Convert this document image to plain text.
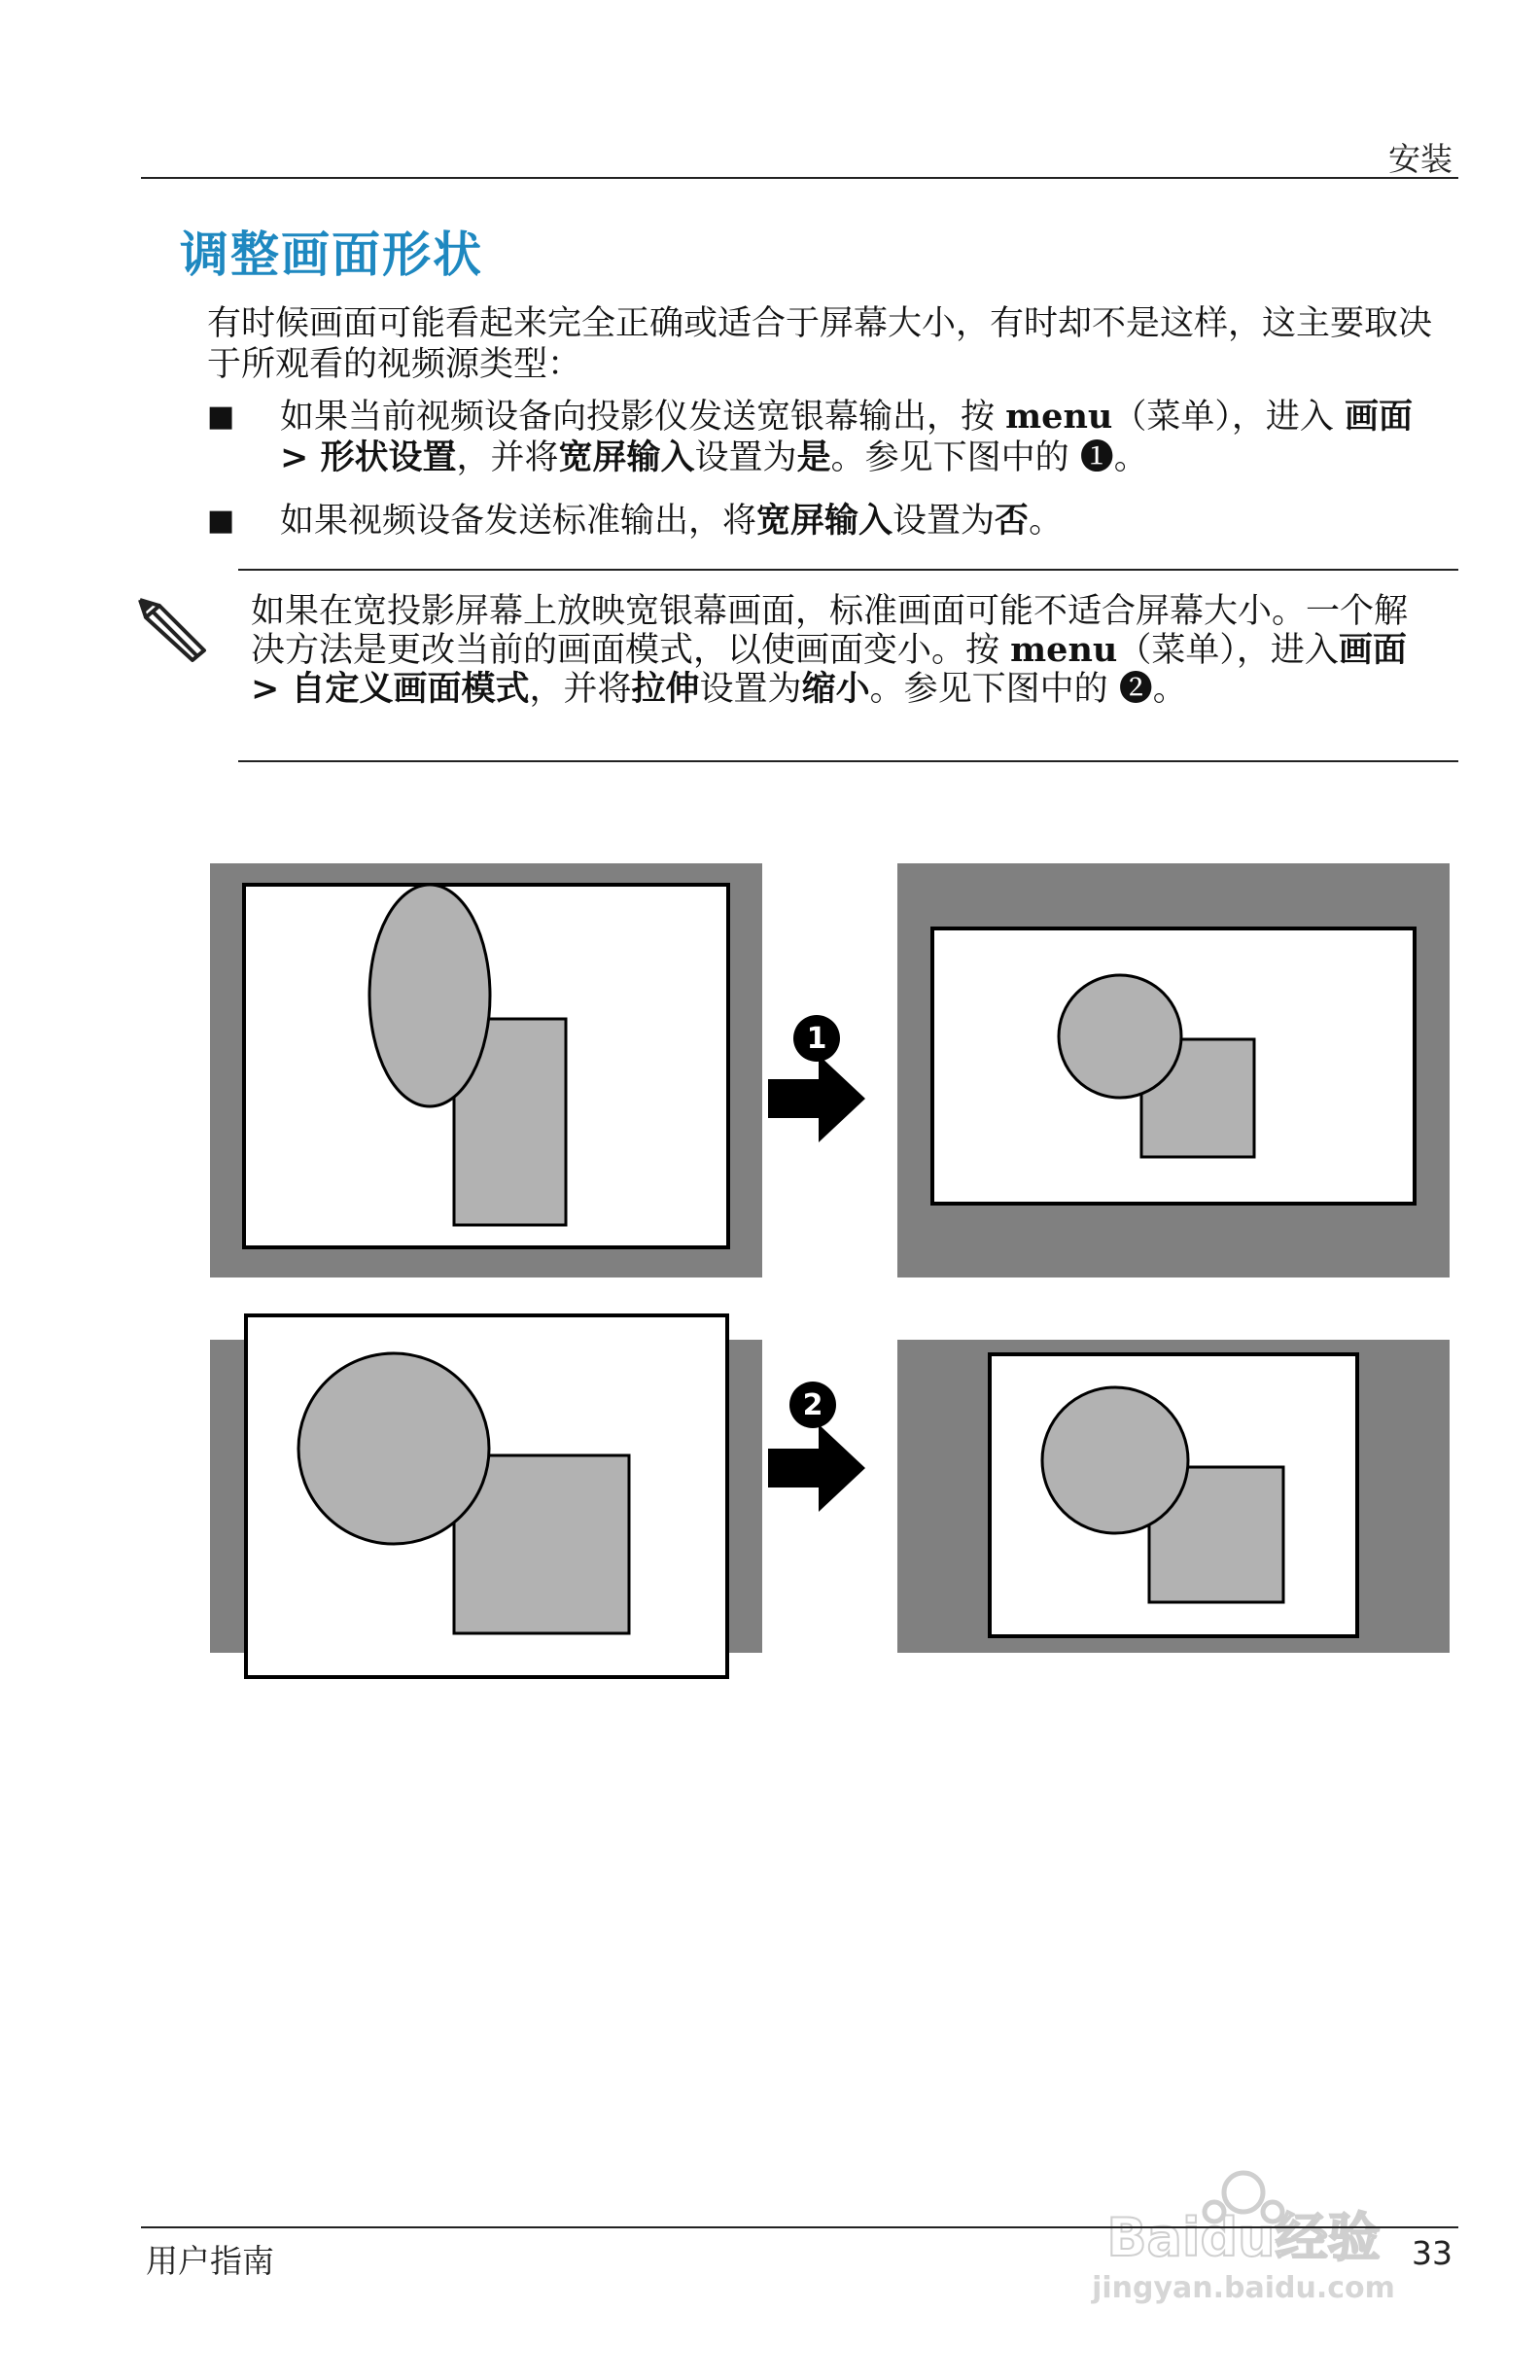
安装
调整画面形状
有时候画面可能看起来完全正确或适合于屏幕大小，有时却不是这样，这主要取决于所观看的视频源类型：
■ 如果当前视频设备向投影仪发送宽银幕输出，按 menu（菜单），进入 画面 > 形状设置，并将宽屏输入设置为是。参见下图中的 ➊。
■ 如果视频设备发送标准输出，将宽屏输入设置为否。
如果在宽投影屏幕上放映宽银幕画面，标准画面可能不适合屏幕大小。一个解决方法是更改当前的画面模式，以使画面变小。按 menu（菜单），进入画面 > 自定义画面模式，并将拉伸设置为缩小。参见下图中的 ➋。
1
2
Baidu经验
jingyan.baidu.com
用户指南	33
